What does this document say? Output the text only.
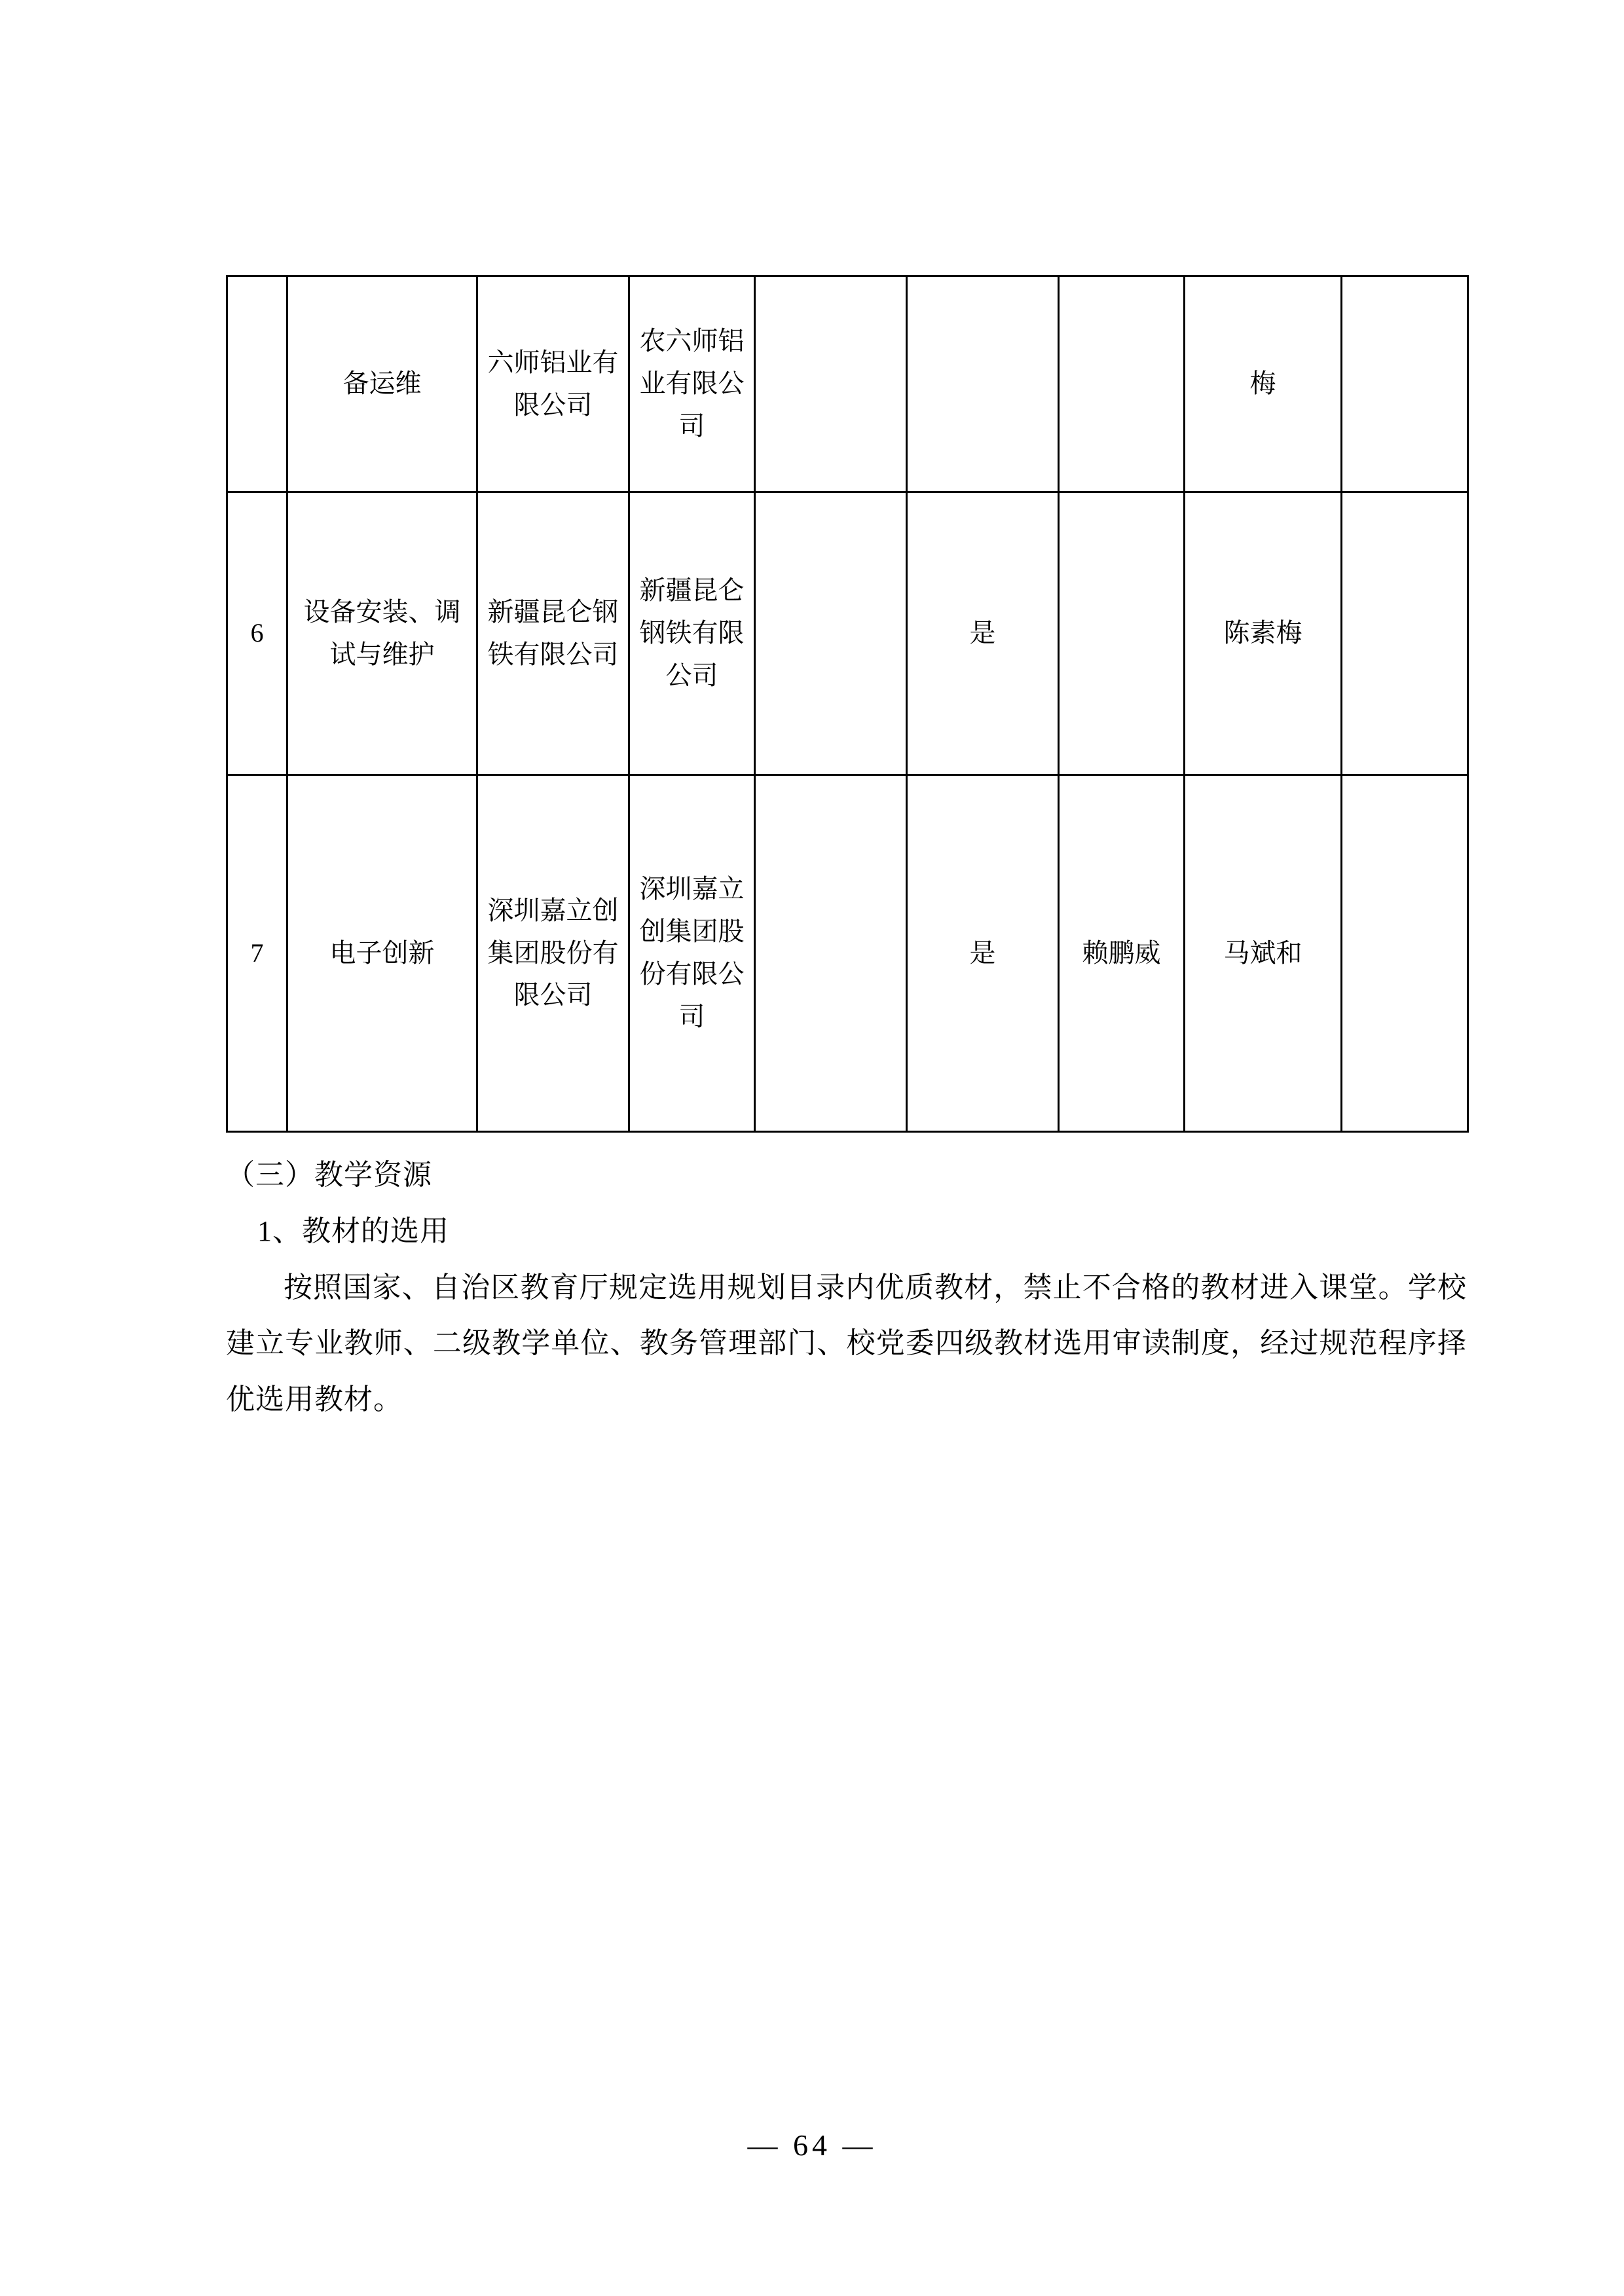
	备运维	六师铝业有限公司	农六师铝业有限公司				梅	

6	设备安装、调试与维护	新疆昆仑钢铁有限公司	新疆昆仑钢铁有限公司		是		陈素梅	

7	电子创新	深圳嘉立创集团股份有限公司	深圳嘉立创集团股份有限公司		是	赖鹏威	马斌和	

（三）教学资源

1、教材的选用

按照国家、自治区教育厅规定选用规划目录内优质教材，禁止不合格的教材进入课堂。学校建立专业教师、二级教学单位、教务管理部门、校党委四级教材选用审读制度，经过规范程序择优选用教材。

— 64 —
